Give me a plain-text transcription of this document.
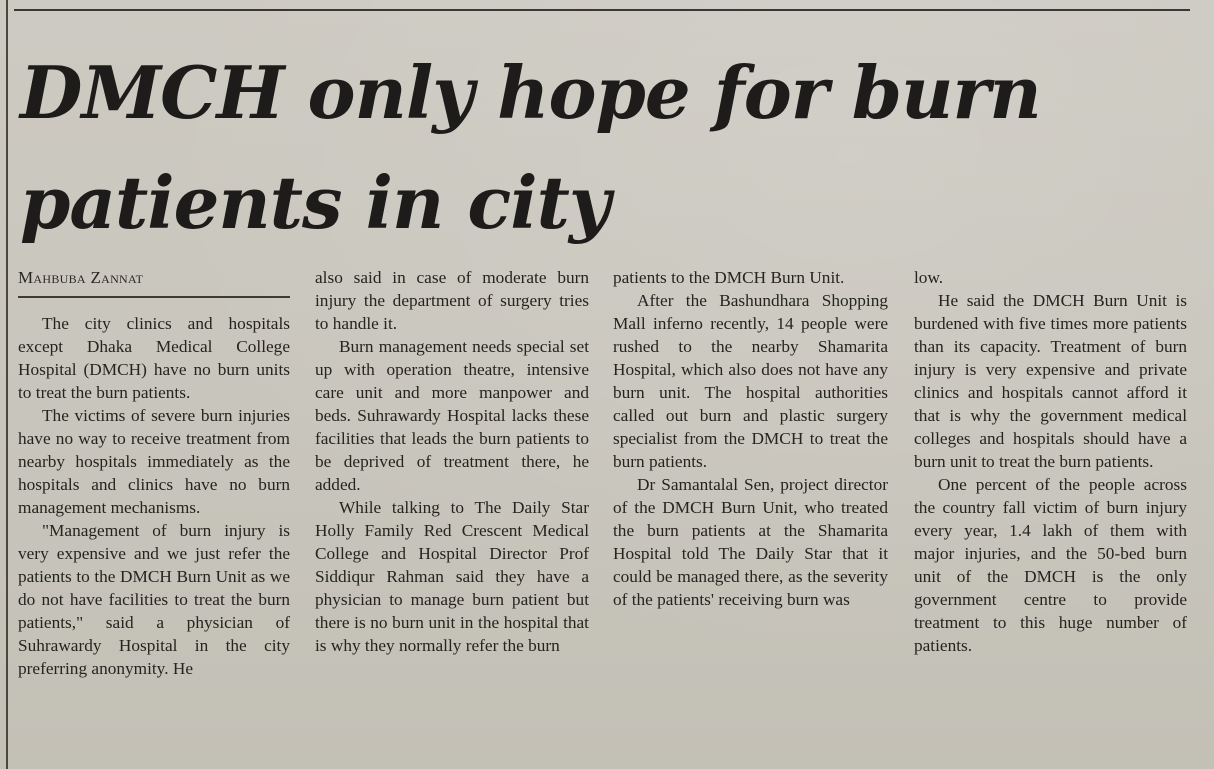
DMCH only hope for burn patients in city
Mahbuba Zannat

The city clinics and hospitals except Dhaka Medical College Hospital (DMCH) have no burn units to treat the burn patients.

The victims of severe burn injuries have no way to receive treatment from nearby hospitals immediately as the hospitals and clinics have no burn management mechanisms.

"Management of burn injury is very expensive and we just refer the patients to the DMCH Burn Unit as we do not have facilities to treat the burn patients," said a physician of Suhrawardy Hospital in the city preferring anonymity. He

also said in case of moderate burn injury the department of surgery tries to handle it.

Burn management needs special set up with operation theatre, intensive care unit and more manpower and beds. Suhrawardy Hospital lacks these facilities that leads the burn patients to be deprived of treatment there, he added.

While talking to The Daily Star Holly Family Red Crescent Medical College and Hospital Director Prof Siddiqur Rahman said they have a physician to manage burn patient but there is no burn unit in the hospital that is why they normally refer the burn

patients to the DMCH Burn Unit.

After the Bashundhara Shopping Mall inferno recently, 14 people were rushed to the nearby Shamarita Hospital, which also does not have any burn unit. The hospital authorities called out burn and plastic surgery specialist from the DMCH to treat the burn patients.

Dr Samantalal Sen, project director of the DMCH Burn Unit, who treated the burn patients at the Shamarita Hospital told The Daily Star that it could be managed there, as the severity of the patients' receiving burn was

low.

He said the DMCH Burn Unit is burdened with five times more patients than its capacity. Treatment of burn injury is very expensive and private clinics and hospitals cannot afford it that is why the government medical colleges and hospitals should have a burn unit to treat the burn patients.

One percent of the people across the country fall victim of burn injury every year, 1.4 lakh of them with major injuries, and the 50-bed burn unit of the DMCH is the only government centre to provide treatment to this huge number of patients.
